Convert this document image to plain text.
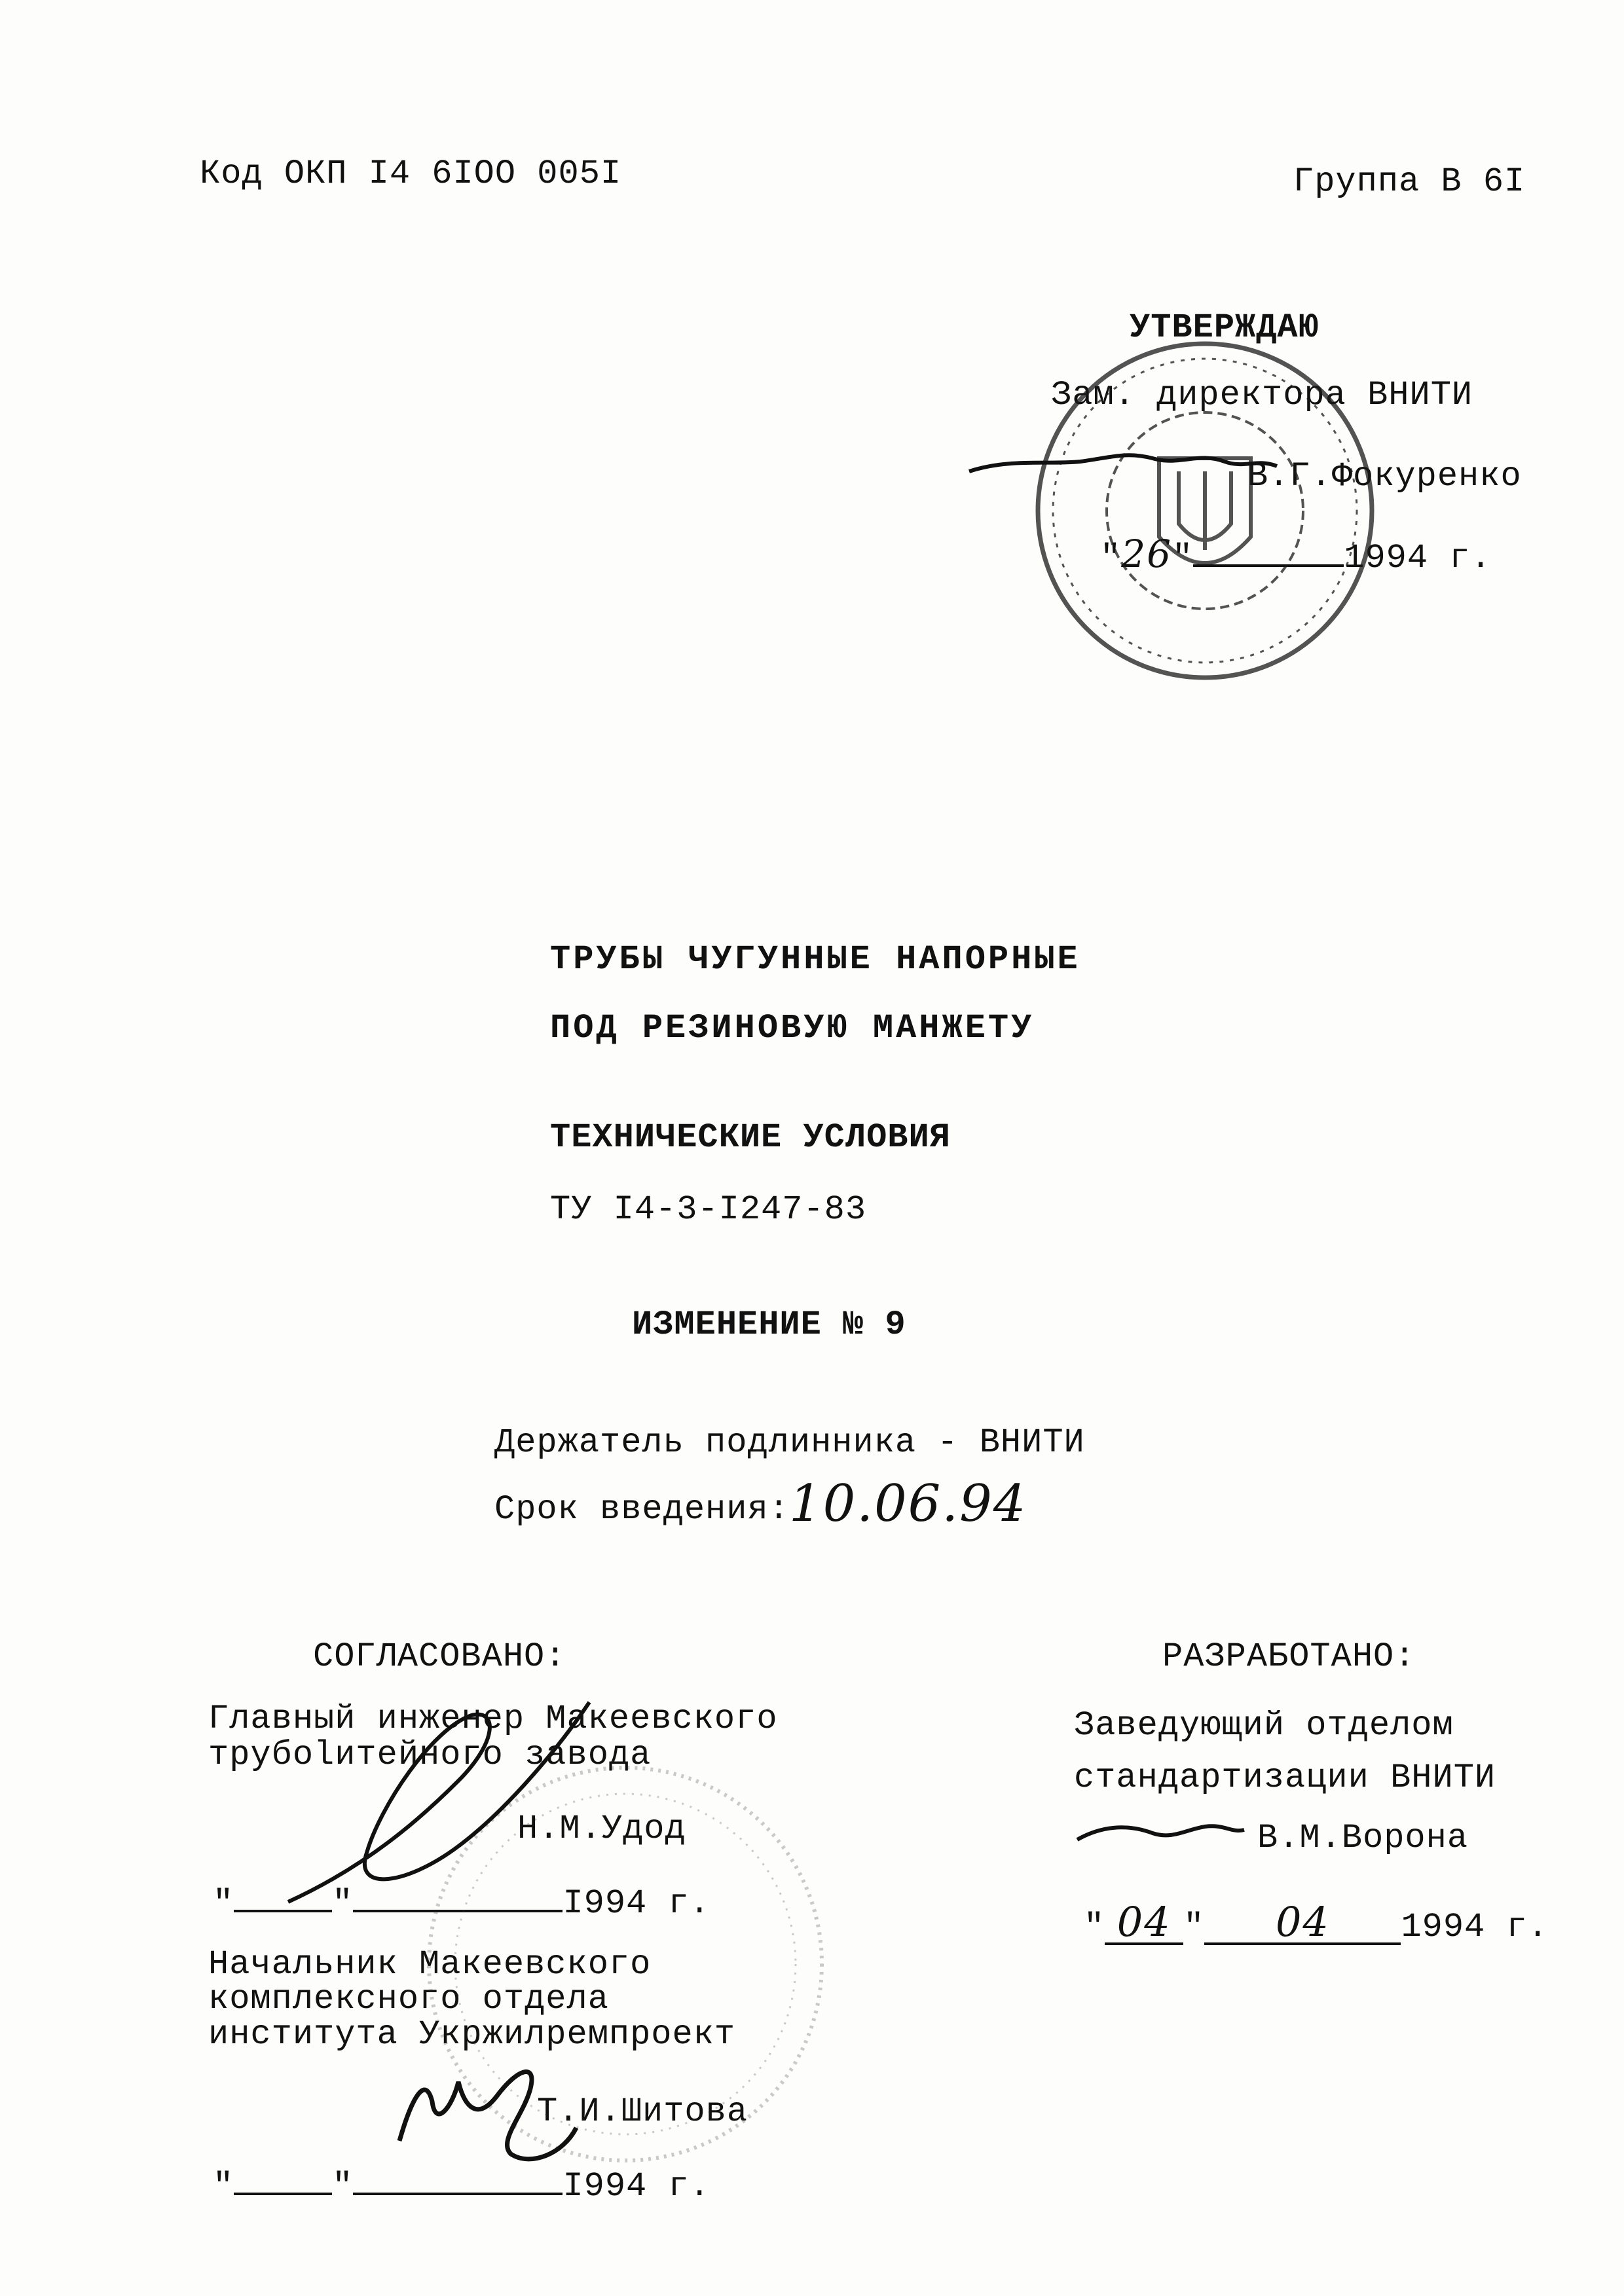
Код ОКП I4 6IOO 005I	Группа В 6I
УТВЕРЖДАЮ
Зам. директора ВНИТИ
В.Г.Фокуренко
"26"	1994 г.
ТРУБЫ ЧУГУННЫЕ НАПОРНЫЕ
ПОД РЕЗИНОВУЮ МАНЖЕТУ
ТЕХНИЧЕСКИЕ УСЛОВИЯ
ТУ I4-3-I247-83
ИЗМЕНЕНИЕ № 9
Держатель подлинника - ВНИТИ
Срок введения: 10.06.94
СОГЛАСОВАНО:
Главный инженер Макеевского
трубolитейного завода
Н.М.Удод
"	"	I994 г.
Начальник Макеевского
комплексного отдела
института Укржилремпроект
Т.И.Шитова
"	"	I994 г.
РАЗРАБОТАНО:
Заведующий отделом
стандартизации ВНИТИ
В.М.Ворона
" 04 " 04 1994 г.
